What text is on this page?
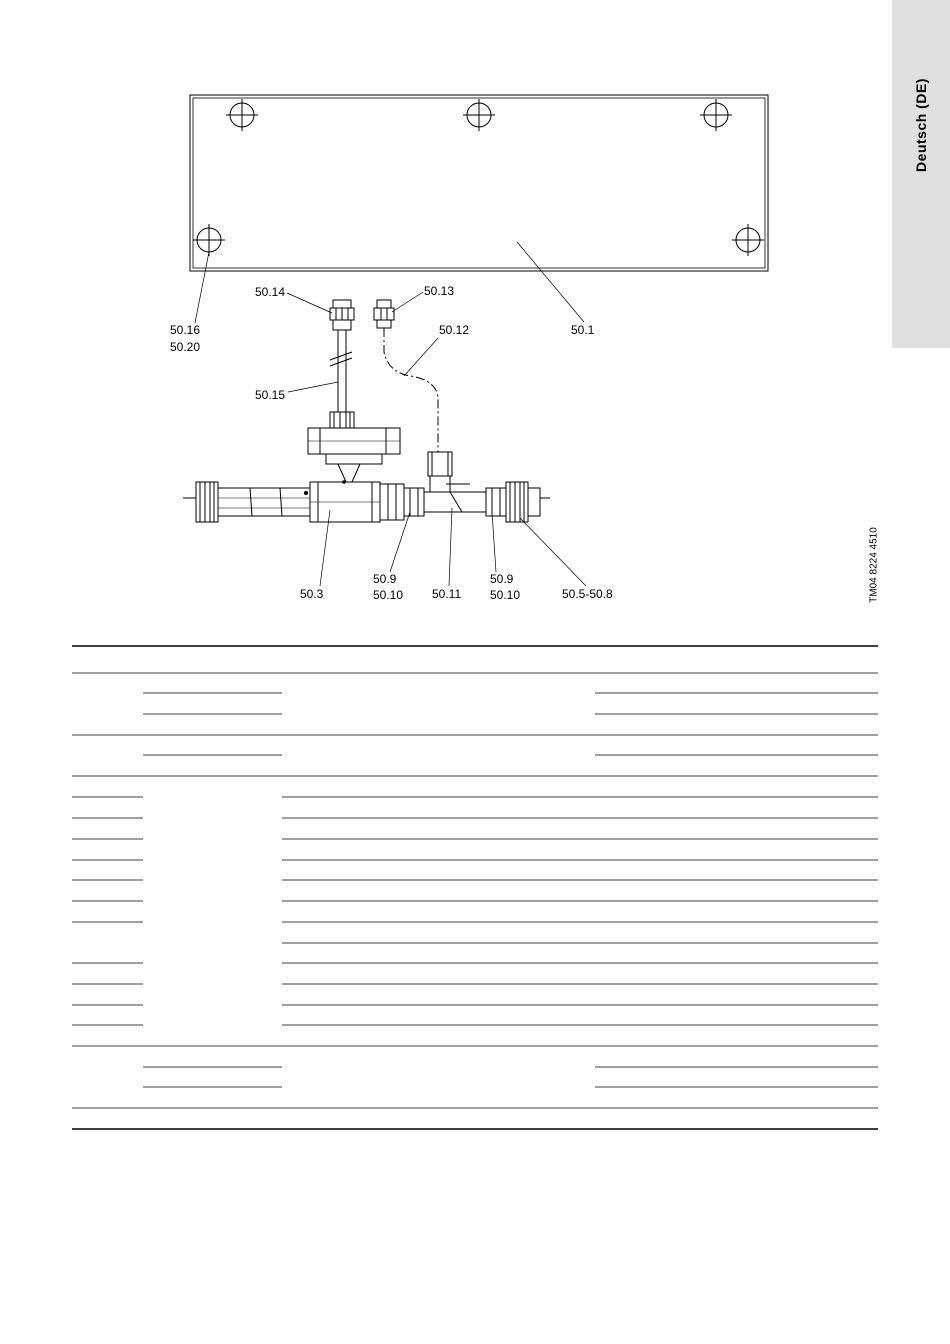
Deutsch (DE)
TM04 8224 4510
50.14	50.13
50.12
50.16
50.20
50.1
50.15
50.3
50.9
50.10 50.11
50.9
50.10	50.5-50.8
